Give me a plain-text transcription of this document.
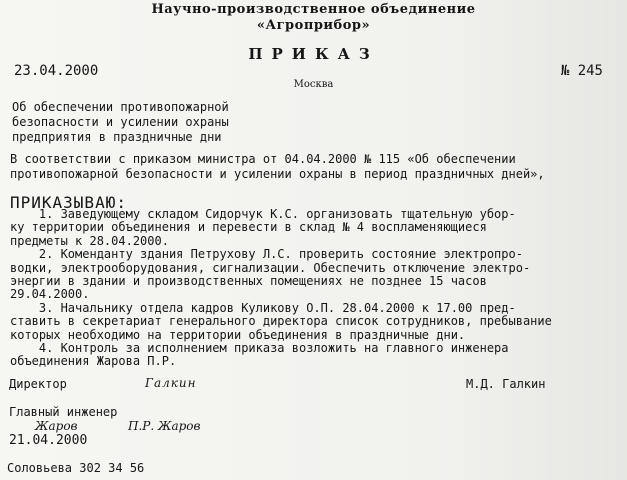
Научно-производственное объединение
«Агроприбор»
ПРИКАЗ
23.04.2000
Москва
№ 245
Об обеспечении противопожарной
безопасности и усилении охраны
предприятия в праздничные дни
В соответствии с приказом министра от 04.04.2000 № 115 «Об обеспечении
противопожарной безопасности и усилении охраны в период праздничных дней»,
ПРИКАЗЫВАЮ:
1. Заведующему складом Сидорчук К.С. организовать тщательную убор-
ку территории объединения и перевести в склад № 4 воспламеняющиеся
предметы к 28.04.2000.
2. Коменданту здания Петрухову Л.С. проверить состояние электропро-
водки, электрооборудования, сигнализации. Обеспечить отключение электро-
энергии в здании и производственных помещениях не позднее 15 часов
29.04.2000.
3. Начальнику отдела кадров Куликову О.П. 28.04.2000 к 17.00 пред-
ставить в секретариат генерального директора список сотрудников, пребывание
которых необходимо на территории объединения в праздничные дни.
4. Контроль за исполнением приказа возложить на главного инженера
объединения Жарова П.Р.
Директор	Галкин	М.Д. Галкин
Главный инженер
Жаров	П.Р. Жаров
21.04.2000
Соловьева 302 34 56
